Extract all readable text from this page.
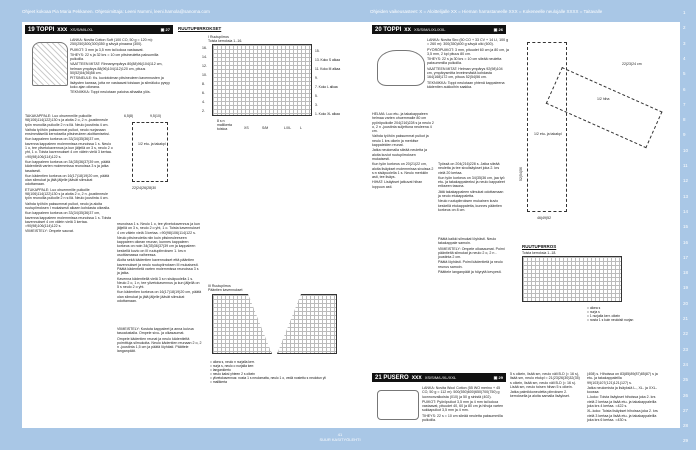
Ohjeet kokoaa Pia Maria Pekkanen. Ohjetoimittaja: Leeni Nummi, leeni.hamola@sanoma.com	Ohjeiden vaikeusasteet: X = Aloittelijalle XX = Hieman harrastaneelle XXX = Kokeneelle neulojalle XXXX = Taitavalle
19 TOPPI xxx XS/S/M/L/XL	▣ 27

LANKA: Novita Cotton Soft (100 CO, 50 g = 120 m): 250(250)300(300)350 g sävyä pinaana (300).

PUIKOT: 3 mm ja 3,5 mm tai kokoa vastaavat.

TIHEYS: 22 s ja 32 krs = 10 cm pitsineuletta paksumilla puikoilla.

VAATTEEN MITAT: Rinnanympärys 80(88)96(104)112 cm, helman ympärys 88(96)104(112)120 cm, pituus 50(52)54(56)58 cm.

PITSINEULE: Ks. kuviotolman pitsineuleen kavennusten ja lisäysten kanssa, jotta ne vastaavat toisiaan ja silmäluku pysyy koko ajan oikeana.

TEKNIIKKA: Toppi neulotaan paloina alhaalta ylös.

TAKAKAPPALE: Luo ohuemmille puikoille 98(106)114(122)130 s ja aloita 2 o, 2 n -joustinneule työn reunoilla puikolle 2 n s:llä. Neulo joustinta 4 cm.

Vaihda työhön paksummat puikot, neulo nurjanaan ensimmäisellä kerroksella pitsineuleen aloittamiseksi.

Kun kappaleen korkeus on 33(34)35(36)37 cm, kavenna kappaleen molemmissa reunoissa 1 s. Neulo 1 o, tee ylivetokavennus ja kun jäljellä on 3 s, neulo 2 o yht, 1 o. Toista kavennukset 4 cm välein vielä 3 kertaa. =90(98)106(114)122 s.

Kun kappaleen korkeus on 34(35)36(37)39 cm, päätä kädentietä varten molemmissa reunoissa 3 s ja jatka tasaisesti.

Kun kädentien korkeus on 16(17)18(19)20 cm, päätä olan silmukat ja jätä jäljelle jäävät silmukat odottamaan.

ETUKAPPALE: Luo ohuemmille puikoille 98(106)114(122)130 s ja aloita 2 o, 2 n -joustinneule työn reunoilla puikolle 2 n s:llä. Neulo joustinta 4 cm.

Vaihda työhön paksummat puikot, neulo ja aloita ruutupiirroksen I mukaisesti alkaen kohdasta oikealla.

Kun kappaleen korkeus on 33(34)35(36)37 cm, kavenna kappaleen molemmissa reunoissa 1 s. Toista kavennukset 4 cm välein vielä 3 kertaa. =90(98)106(114)122 s.

VIIMEISTELY: Ompele sauvat.

1/2 etu- ja takakpl
22(24)26(28)30
6,5(8)	9,5(10)

reunoissa 1 s. Neulo 1 o, tee ylivetokavennus ja kun jäljellä on 3 s, neulo 2 o yht, 1 o. Toista kavennukset 4 cm välein vielä 3 kertaa. =90(98)106(114)122 s.

Neulo pitsineuletta niin kuin pitsineuleeseen kappaleen oikean reunan, kunnes kappaleen korkeus on noin 34(35)36(37)39 cm ja kappaleen keskellä kuvio on III ruutupiirroksen 1. krs:n osoittamassa vaiheessa.

Aloita sekä kädentien kavennukset että pääntien kavennukset ja neulo ruutupiirroksen III mukaisesti. Päätä kädentietä varten molemmissa reunoissa 3 s ja jatka.

Kavenna kädentiellä vielä 3 s:n sisäpuolella 1 s. Neulo 2 o, 1 n, tee ylivetokavennus ja kun jäljellä on 5 s neulo 2 o yht.

Kun kädentien korkeus on 16(17)18(19)20 cm, päätä olan silmukat ja jätä jäljelle jäävät silmukat odottamaan.

VIIMEISTELY: Kostuta kappaleet ja anna kuivua tasoalustalla. Ompele sivu- ja olkasaumat.

Ompele kädentien reunat ja neulo kädentieltä poimittuja silmukoita. Neulo kädentien reunaan 2 o, 2 n -joustinta 1,5 cm ja päätä löyhästi. Päättele langanpäät.

RUUTUPIIRROKSET
I Ruutupiirros
Toista kerroksia 1.-16.
16.
14.
12.
10.
8.
6.
4.
2.
15.
13. Koko S alkaa
11. Koko M alkaa
9.
7. Koko L alkaa
5.
3.
1. Koko XL alkaa
8 s:n mallikerta toistoa	XS	S/M	L/XL	L
III Ruutupiirros
Pääntien kavennukset
= oikea s, neulo n nurjalla kerr.
= nurja s, neulo o nurjalla kerr.
= langankierto
= neulo kaksi yhteen 2 s oikein
= ylivetokavennus: nosta 1 s neulomatta, neulo 1 o, vedä nostettu s neulotun yli
= mallikerta
20 TOPPI xx XS/S/M/L/XL/XXL	▣ 26

LANKA: Novita Siro (50 CO + 33 CV + 14 LI, 100 g = 260 m): 300(350)400 g sävyä olki (600).

PYÖRÖPUIKOT: 3 mm, pituudet 60 cm ja 80 cm, ja 3,5 mm, 2 kpl pituus 80 cm.

TIHEYS: 22 s ja 30 krs = 10 cm sileää neuletta paksummilla puikoilla.

VAATTEEN MITAT: Helman ympärys 92(98)104 cm, ympärysmitta leveimmästä kohdasta 164(168)172 cm, pituus 52(54)56 cm.

TEKNIIKKA: Toppi neulotaan yhtenä kappaleena kädentien aukkoihin saakka.

HELMA: Luo etu- ja takakappaleen helmaa varten ohuemmalle 80 cm pyöröpuikolle 204(216)228 s ja neulo 2 o, 2 n -joustinta suljettuna neuleena 4 cm.

Vaihda työhön paksummat puikot ja neulo 1 krs oikein ja merkitse kappaleiden reunat.

Jatka neulomalla sileää neuletta ja aloita kuviot ruutupiirroksen mukaisesti.

Kun työn korkeus on 20(21)22 cm, aloita lisäykset molemmissa sivuissa 2 s:n sisäpuolella 1 s. Neulo merkkiin asti, tee lisäys.

HIHAT: Lisäykset jatkuvat hihan loppuun asti.

Työssä on 204(216)228 s. Jatka sileää neuletta ja tee sivulisäykset joka 2. krs vielä 20 kertaa.

Kun työn korkeus on 34(35)36 cm, jaa työ etu- ja takakappaleeksi ja neulo kappaleet erikseen tasona.

Jätä takakappaleen silmukat odottamaan ja neulo etukappaletta.

Neulo ruutupiirroksen mukainen kuvio keskellä etukappaletta, kunnes pääntien korkeus on 8 cm.

Päätä kaikki silmukat löyhästi. Neulo takakappale samoin.

VIIMEISTELY: Ompele olkasaumat. Poimi pääntieltä silmukat ja neulo 2 o, 2 n -joustinta 2 cm.

Päätä löyhästi. Poimi kädentietä ja neulo reunus samoin.

Päättele langanpäät ja höyrytä kevyesti.

1/2 etu- ja takakpl
1/2 hiha
22(23)24 cm
52(54)56
46(49)52
RUUTUPIIRROS
Toista kerroksia 1.-18.
= oikea s
= nurja s
= 1 nurjalla kerr. oikein
= nosta 1 s kuin neuloisit nurjan
21 PUSERO xxx XS/S/M/L/XL/XXL	▣ 29

LANKA: Novita Wool Cotton (55 WO merino + 45 CO, 50 g = 112 m): 500(550)600(650)700(750) g luonnonvalkoista (010) ja 50 g sinistä (402).

PUIKOT: Pyöröpuikot 3,5 mm ja 4 mm tai kokoa vastaavat, pituudet 40, 60 ja 80 cm ja hihoja varten sukkapuikot 3,5 mm ja 4 mm.

TIHEYS: 22 s = 10 cm sileää neuletta paksummilla puikoilla.

5 s oikein, lisää sm, neulo väli B-D (= 16 s), lisää sm, neulo etukpl = 21(23)26(30)32(35) s oikein, lisää sm, neulo väli B-D (= 16 s). Lisää sm, neulo toisen hihan 5 s oikein.

Jatka palmikkoneuletta piirroksen 2. kerroksella ja aloita samalla lisäykset.

(408) s. Hihoissa on 83(85)89(87)85(87) s ja etu- ja takakappaleilla 99(103)107(121)121(127) s.

Jatka neulomista ja lisäyksiä L-, XL- ja XXL-koossa:

L-koko: Toista lisäykset hihoissa joka 2. krs vielä 2 kertaa ja lisää etu- ja takakappaleilla joka krs 4 kertaa. =422 s.

XL-koko: Toista lisäykset hihoissa joka 2. krs vielä 3 kertaa ja lisää etu- ja takakappaleilla joka krs 6 kertaa. =430 s.

41
SUUR KASITYÖLEHTI
1
2
3
4
5
6
7
8
9
10
11
12
13
14
15
16
17
18
19
20
21
22
23
24
25
26
27
28
29
